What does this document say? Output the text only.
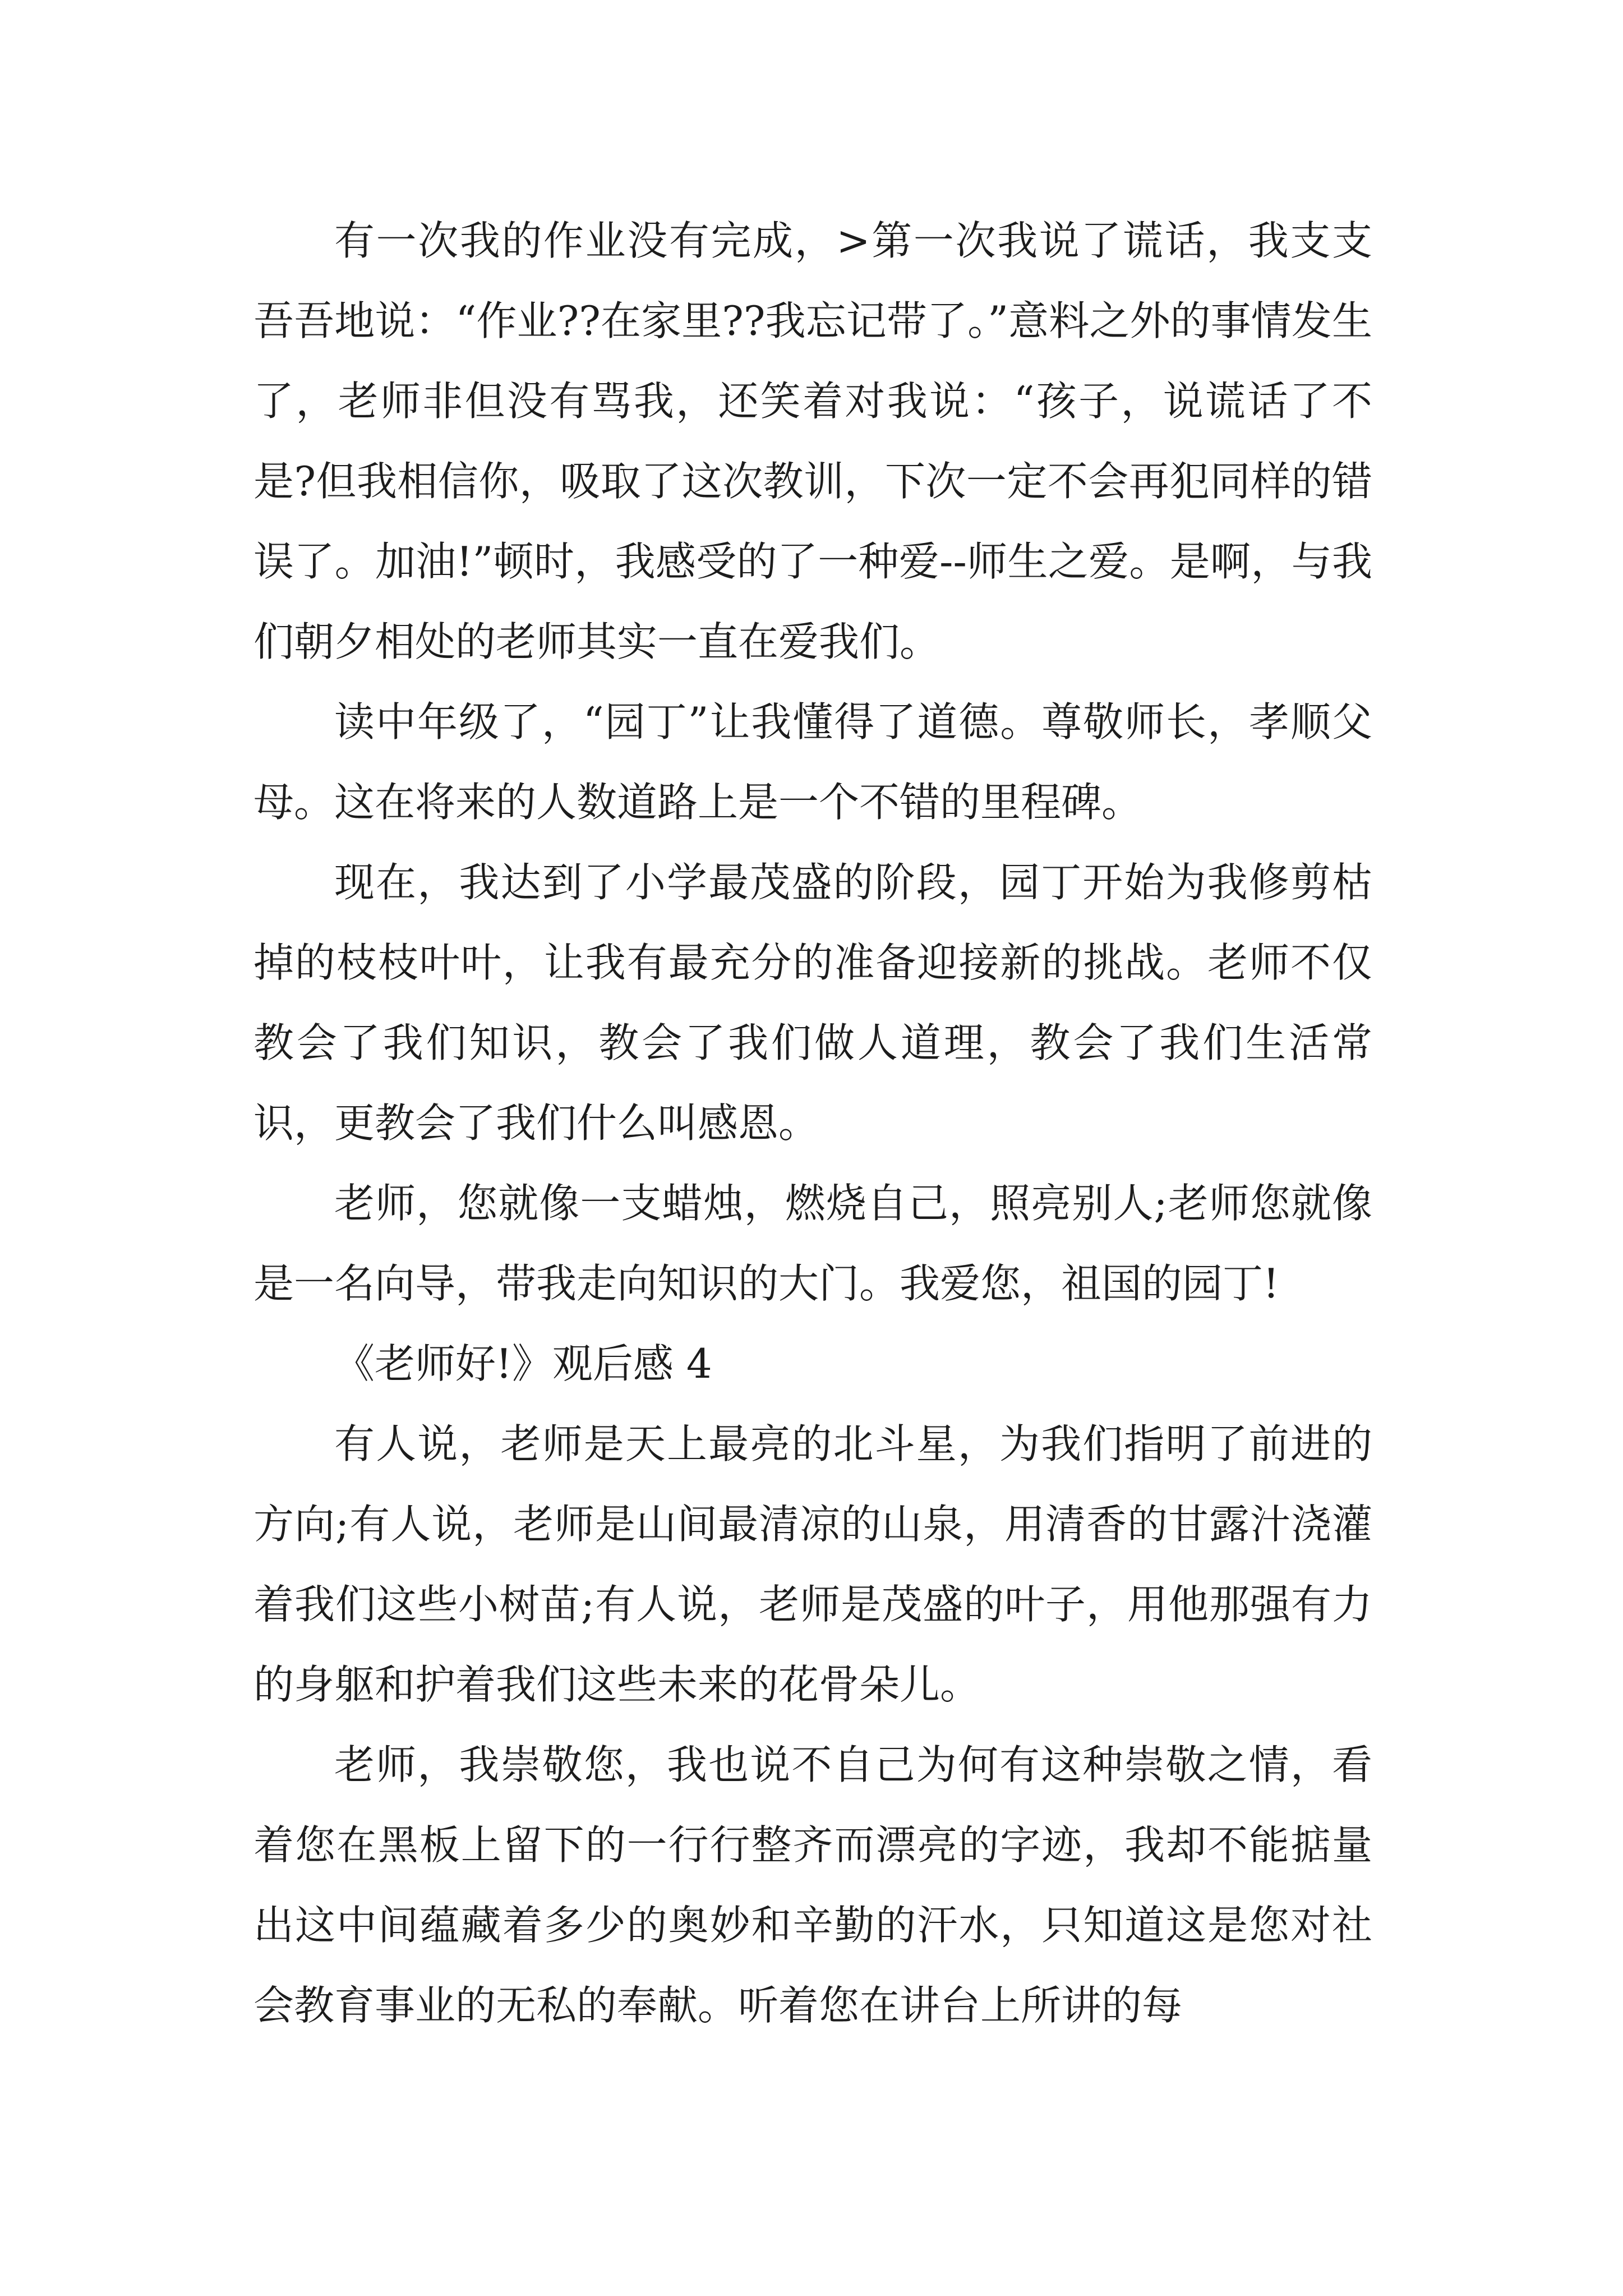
有一次我的作业没有完成，>第一次我说了谎话，我支支吾吾地说：“作业??在家里??我忘记带了。”意料之外的事情发生了，老师非但没有骂我，还笑着对我说：“孩子，说谎话了不是?但我相信你，吸取了这次教训，下次一定不会再犯同样的错误了。加油!”顿时，我感受的了一种爱--师生之爱。是啊，与我们朝夕相处的老师其实一直在爱我们。

读中年级了，“园丁”让我懂得了道德。尊敬师长，孝顺父母。这在将来的人数道路上是一个不错的里程碑。

现在，我达到了小学最茂盛的阶段，园丁开始为我修剪枯掉的枝枝叶叶，让我有最充分的准备迎接新的挑战。老师不仅教会了我们知识，教会了我们做人道理，教会了我们生活常识，更教会了我们什么叫感恩。

老师，您就像一支蜡烛，燃烧自己，照亮别人;老师您就像是一名向导，带我走向知识的大门。我爱您，祖国的园丁!

《老师好!》观后感 4

有人说，老师是天上最亮的北斗星，为我们指明了前进的方向;有人说，老师是山间最清凉的山泉，用清香的甘露汁浇灌着我们这些小树苗;有人说，老师是茂盛的叶子，用他那强有力的身躯和护着我们这些未来的花骨朵儿。

老师，我崇敬您，我也说不自己为何有这种崇敬之情，看着您在黑板上留下的一行行整齐而漂亮的字迹，我却不能掂量出这中间蕴藏着多少的奥妙和辛勤的汗水，只知道这是您对社会教育事业的无私的奉献。听着您在讲台上所讲的每
